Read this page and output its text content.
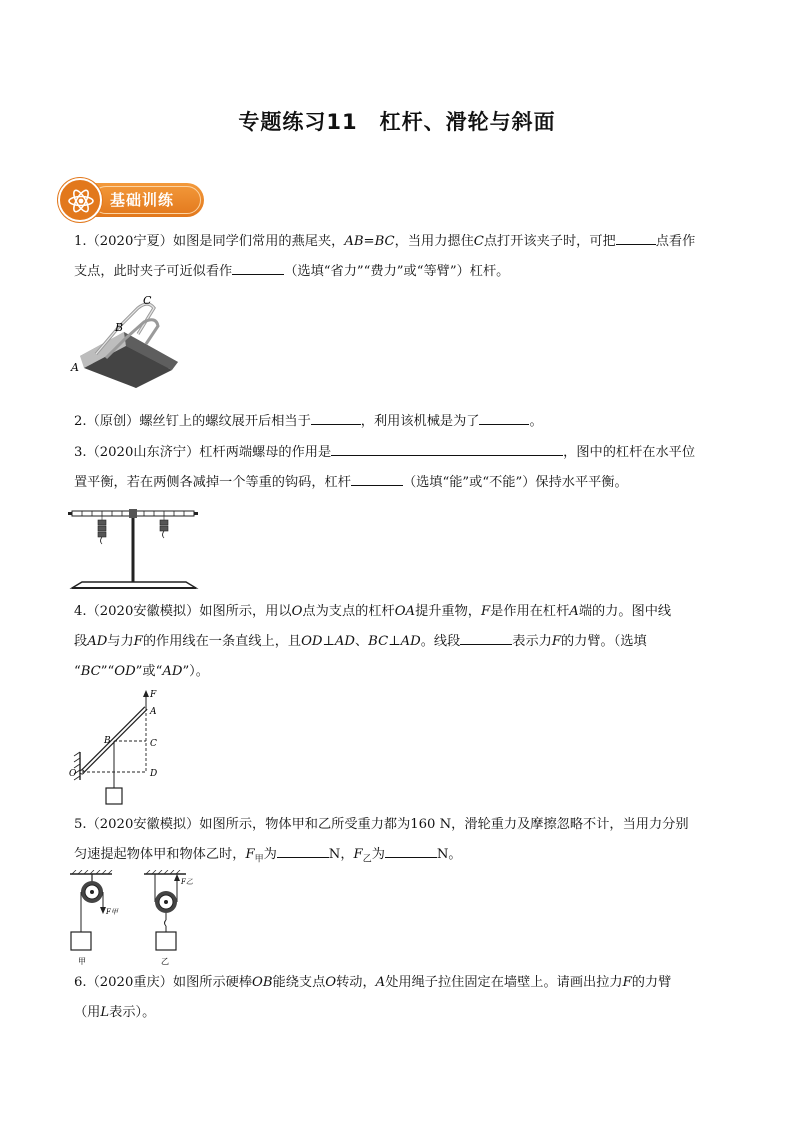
专题练习11　杠杆、滑轮与斜面
基础训练
1.（2020宁夏）如图是同学们常用的燕尾夹，AB=BC，当用力摁住C点打开该夹子时，可把	点看作
支点，此时夹子可近似看作	（选填“省力”“费力”或“等臂”）杠杆。
A
B
C
2.（原创）螺丝钉上的螺纹展开后相当于	，利用该机械是为了	。
3.（2020山东济宁）杠杆两端螺母的作用是	，图中的杠杆在水平位
置平衡，若在两侧各减掉一个等重的钩码，杠杆	（选填“能”或“不能”）保持水平平衡。
4.（2020安徽模拟）如图所示，用以O点为支点的杠杆OA提升重物，F是作用在杠杆A端的力。图中线
段AD与力F的作用线在一条直线上，且OD⊥AD、BC⊥AD。线段	表示力F的力臂。（选填
“BC”“OD”或“AD”）。
F
A
B	C
O	D
5.（2020安徽模拟）如图所示，物体甲和乙所受重力都为160 N，滑轮重力及摩擦忽略不计，当用力分别
匀速提起物体甲和物体乙时，$F_甲$为	N，$F_乙$为	N。
F甲
甲
F乙
乙
6.（2020重庆）如图所示硬棒OB能绕支点O转动，A处用绳子拉住固定在墙壁上。请画出拉力F的力臂
（用L表示）。
